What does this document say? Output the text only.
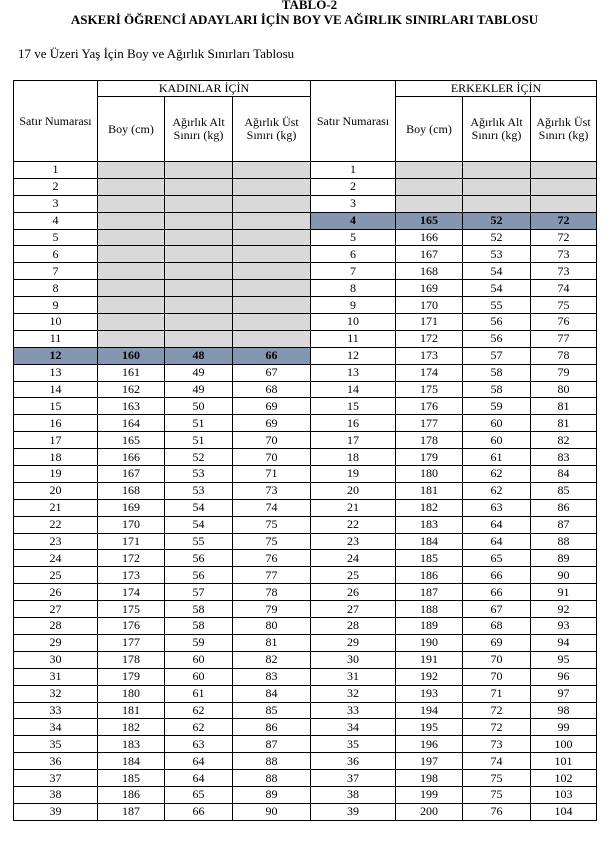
TABLO-2
ASKERİ ÖĞRENCİ ADAYLARI İÇİN BOY VE AĞIRLIK SINIRLARI TABLOSU
17 ve Üzeri Yaş İçin Boy ve Ağırlık Sınırları Tablosu
Satır Numarası	KADINLAR İÇİN			Satır Numarası	ERKEKLER İÇİN		
	Boy (cm)	Ağırlık Alt Sınırı (kg)	Ağırlık Üst Sınırı (kg)		Boy (cm)	Ağırlık Alt Sınırı (kg)	Ağırlık Üst Sınırı (kg)
1				1			
2				2			
3				3			
4				4	165	52	72
5				5	166	52	72
6				6	167	53	73
7				7	168	54	73
8				8	169	54	74
9				9	170	55	75
10				10	171	56	76
11				11	172	56	77
12	160	48	66	12	173	57	78
13	161	49	67	13	174	58	79
14	162	49	68	14	175	58	80
15	163	50	69	15	176	59	81
16	164	51	69	16	177	60	81
17	165	51	70	17	178	60	82
18	166	52	70	18	179	61	83
19	167	53	71	19	180	62	84
20	168	53	73	20	181	62	85
21	169	54	74	21	182	63	86
22	170	54	75	22	183	64	87
23	171	55	75	23	184	64	88
24	172	56	76	24	185	65	89
25	173	56	77	25	186	66	90
26	174	57	78	26	187	66	91
27	175	58	79	27	188	67	92
28	176	58	80	28	189	68	93
29	177	59	81	29	190	69	94
30	178	60	82	30	191	70	95
31	179	60	83	31	192	70	96
32	180	61	84	32	193	71	97
33	181	62	85	33	194	72	98
34	182	62	86	34	195	72	99
35	183	63	87	35	196	73	100
36	184	64	88	36	197	74	101
37	185	64	88	37	198	75	102
38	186	65	89	38	199	75	103
39	187	66	90	39	200	76	104
